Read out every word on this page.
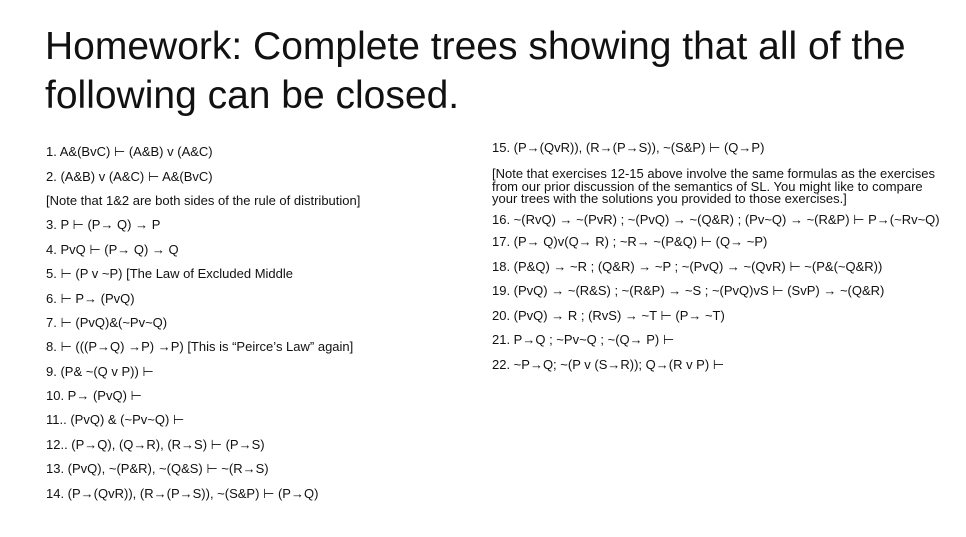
Homework: Complete trees showing that all of the following can be closed.

1. A&(BvC) ⊢ (A&B) v (A&C)

2. (A&B) v (A&C) ⊢ A&(BvC)

[Note that 1&2 are both sides of the rule of distribution]

3. P ⊢ (P→ Q) → P

4. PvQ ⊢ (P→ Q) → Q

5. ⊢ (P v ~P) [The Law of Excluded Middle

6. ⊢ P→ (PvQ)

7. ⊢ (PvQ)&(~Pv~Q)

8. ⊢ (((P→Q) →P) →P) [This is “Peirce’s Law” again]

9. (P& ~(Q v P)) ⊢

10. P→ (PvQ) ⊢

11.. (PvQ) & (~Pv~Q) ⊢

12.. (P→Q), (Q→R), (R→S) ⊢ (P→S)

13. (PvQ), ~(P&R), ~(Q&S) ⊢ ~(R→S)

14. (P→(QvR)), (R→(P→S)), ~(S&P) ⊢ (P→Q)

15. (P→(QvR)), (R→(P→S)), ~(S&P) ⊢ (Q→P)

[Note that exercises 12-15 above involve the same formulas as the exercises from our prior discussion of the semantics of SL. You might like to compare your trees with the solutions you provided to those exercises.]

16. ~(RvQ) → ~(PvR) ; ~(PvQ) → ~(Q&R) ; (Pv~Q) → ~(R&P) ⊢ P→(~Rv~Q)

17. (P→ Q)v(Q→ R) ; ~R→ ~(P&Q) ⊢ (Q→ ~P)

18. (P&Q) → ~R ; (Q&R) → ~P ; ~(PvQ) → ~(QvR) ⊢ ~(P&(~Q&R))

19. (PvQ) → ~(R&S) ; ~(R&P) → ~S ; ~(PvQ)vS ⊢ (SvP) → ~(Q&R)

20. (PvQ) → R ; (RvS) → ~T ⊢ (P→ ~T)

21. P→Q ; ~Pv~Q ; ~(Q→ P) ⊢

22. ~P→Q; ~(P v (S→R)); Q→(R v P) ⊢
